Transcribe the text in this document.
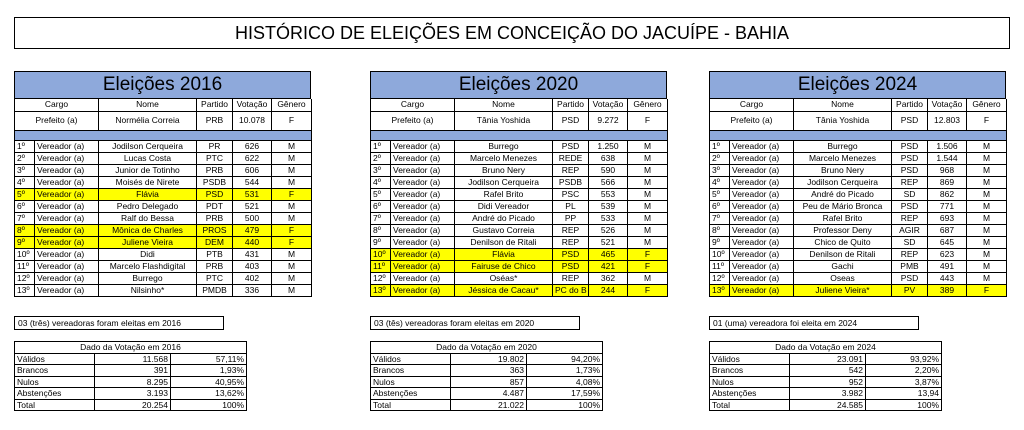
HISTÓRICO DE ELEIÇÕES EM CONCEIÇÃO DO JACUÍPE - BAHIA
Eleições 2016
Cargo		Nome	Partido	Votação	Gênero
Prefeito (a)		Normélia Correia	PRB	10.078	F

1º	Vereador (a)	Jodilson Cerqueira	PR	626	M
2º	Vereador (a)	Lucas Costa	PTC	622	M
3º	Vereador (a)	Junior de Totinho	PRB	606	M
4º	Vereador (a)	Moisés de Nirete	PSDB	544	M
5º	Vereador (a)	Flávia	PSD	531	F
6º	Vereador (a)	Pedro Delegado	PDT	521	M
7º	Vereador (a)	Ralf do Bessa	PRB	500	M
8º	Vereador (a)	Mônica de Charles	PROS	479	F
9º	Vereador (a)	Juliene Vieira	DEM	440	F
10º	Vereador (a)	Didi	PTB	431	M
11º	Vereador (a)	Marcelo Flashdigital	PRB	403	M
12º	Vereador (a)	Burrego	PTC	402	M
13º	Vereador (a)	Nilsinho*	PMDB	336	M
03 (três) vereadoras foram eleitas em 2016
Dado da Votação em 2016		
Válidos	11.568	57,11%
Brancos	391	1,93%
Nulos	8.295	40,95%
Abstenções	3.193	13,62%
Total	20.254	100%
Eleições 2020
Cargo		Nome	Partido	Votação	Gênero
Prefeito (a)		Tânia Yoshida	PSD	9.272	F

1º	Vereador (a)	Burrego	PSD	1.250	M
2º	Vereador (a)	Marcelo Menezes	REDE	638	M
3º	Vereador (a)	Bruno Nery	REP	590	M
4º	Vereador (a)	Jodilson Cerqueira	PSDB	566	M
5º	Vereador (a)	Rafel Brito	PSC	553	M
6º	Vereador (a)	Didi Vereador	PL	539	M
7º	Vereador (a)	André do Picado	PP	533	M
8º	Vereador (a)	Gustavo Correia	REP	526	M
9º	Vereador (a)	Denilson de Ritali	REP	521	M
10º	Vereador (a)	Flávia	PSD	465	F
11º	Vereador (a)	Fairuse de Chico	PSD	421	F
12º	Vereador (a)	Oséas*	REP	362	M
13º	Vereador (a)	Jéssica de Cacau*	PC do B	244	F
03 (tês) vereadoras foram eleitas em 2020
Dado da Votação em 2020		
Válidos	19.802	94,20%
Brancos	363	1,73%
Nulos	857	4,08%
Abstenções	4.487	17,59%
Total	21.022	100%
Eleições 2024
Cargo		Nome	Partido	Votação	Gênero
Prefeito (a)		Tânia Yoshida	PSD	12.803	F

1º	Vereador (a)	Burrego	PSD	1.506	M
2º	Vereador (a)	Marcelo Menezes	PSD	1.544	M
3º	Vereador (a)	Bruno Nery	PSD	968	M
4º	Vereador (a)	Jodilson Cerqueira	REP	869	M
5º	Vereador (a)	André do Picado	SD	862	M
6º	Vereador (a)	Peu de Mário Bronca	PSD	771	M
7º	Vereador (a)	Rafel Brito	REP	693	M
8º	Vereador (a)	Professor Deny	AGIR	687	M
9º	Vereador (a)	Chico de Quito	SD	645	M
10º	Vereador (a)	Denilson de Ritali	REP	623	M
11º	Vereador (a)	Gachi	PMB	491	M
12º	Vereador (a)	Oseas	PSD	443	M
13º	Vereador (a)	Juliene Vieira*	PV	389	F
01 (uma) vereadora foi eleita em 2024
Dado da Votação em 2024		
Válidos	23.091	93,92%
Brancos	542	2,20%
Nulos	952	3,87%
Abstenções	3.982	13,94
Total	24.585	100%
